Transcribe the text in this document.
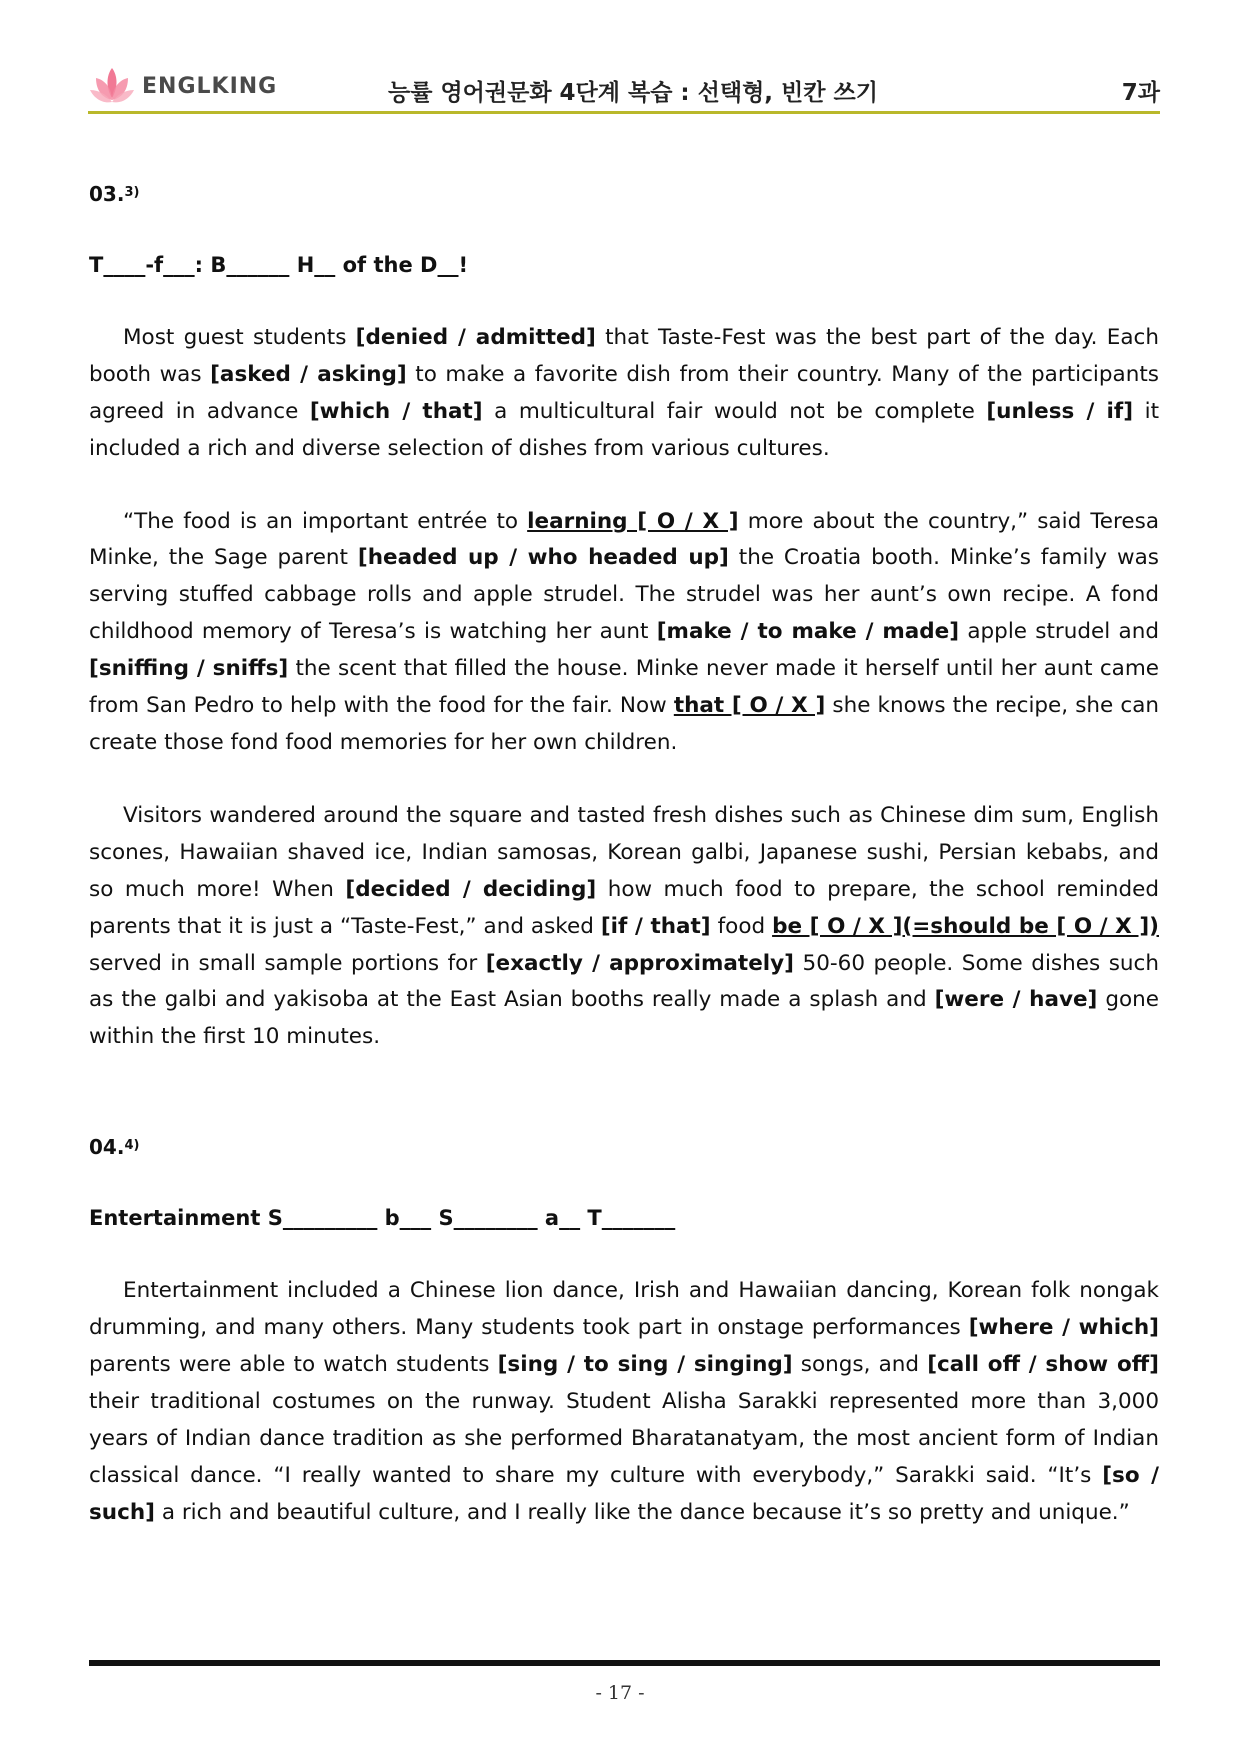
ENGLKING	능률 영어권문화 4단계 복습 : 선택형, 빈칸 쓰기	7과
03.$^{3)}$
T____-f___: B______ H__ of the D__!

Most guest students [denied / admitted] that Taste-Fest was the best part of the day. Each booth was [asked / asking] to make a favorite dish from their country. Many of the participants agreed in advance [which / that] a multicultural fair would not be complete [unless / if] it included a rich and diverse selection of dishes from various cultures.

“The food is an important entrée to learning [ O / X ] more about the country,” said Teresa Minke, the Sage parent [headed up / who headed up] the Croatia booth. Minke’s family was serving stuffed cabbage rolls and apple strudel. The strudel was her aunt’s own recipe. A fond childhood memory of Teresa’s is watching her aunt [make / to make / made] apple strudel and [sniffing / sniffs] the scent that filled the house. Minke never made it herself until her aunt came from San Pedro to help with the food for the fair. Now that [ O / X ] she knows the recipe, she can create those fond food memories for her own children.

Visitors wandered around the square and tasted fresh dishes such as Chinese dim sum, English scones, Hawaiian shaved ice, Indian samosas, Korean galbi, Japanese sushi, Persian kebabs, and so much more! When [decided / deciding] how much food to prepare, the school reminded parents that it is just a “Taste-Fest,” and asked [if / that] food be [ O / X ](=should be [ O / X ]) served in small sample portions for [exactly / approximately] 50-60 people. Some dishes such as the galbi and yakisoba at the East Asian booths really made a splash and [were / have] gone within the first 10 minutes.

04.$^{4)}$
Entertainment S_________ b___ S________ a__ T_______

Entertainment included a Chinese lion dance, Irish and Hawaiian dancing, Korean folk nongak drumming, and many others. Many students took part in onstage performances [where / which] parents were able to watch students [sing / to sing / singing] songs, and [call off / show off] their traditional costumes on the runway. Student Alisha Sarakki represented more than 3,000 years of Indian dance tradition as she performed Bharatanatyam, the most ancient form of Indian classical dance. “I really wanted to share my culture with everybody,” Sarakki said. “It’s [so / such] a rich and beautiful culture, and I really like the dance because it’s so pretty and unique.”

- 17 -
